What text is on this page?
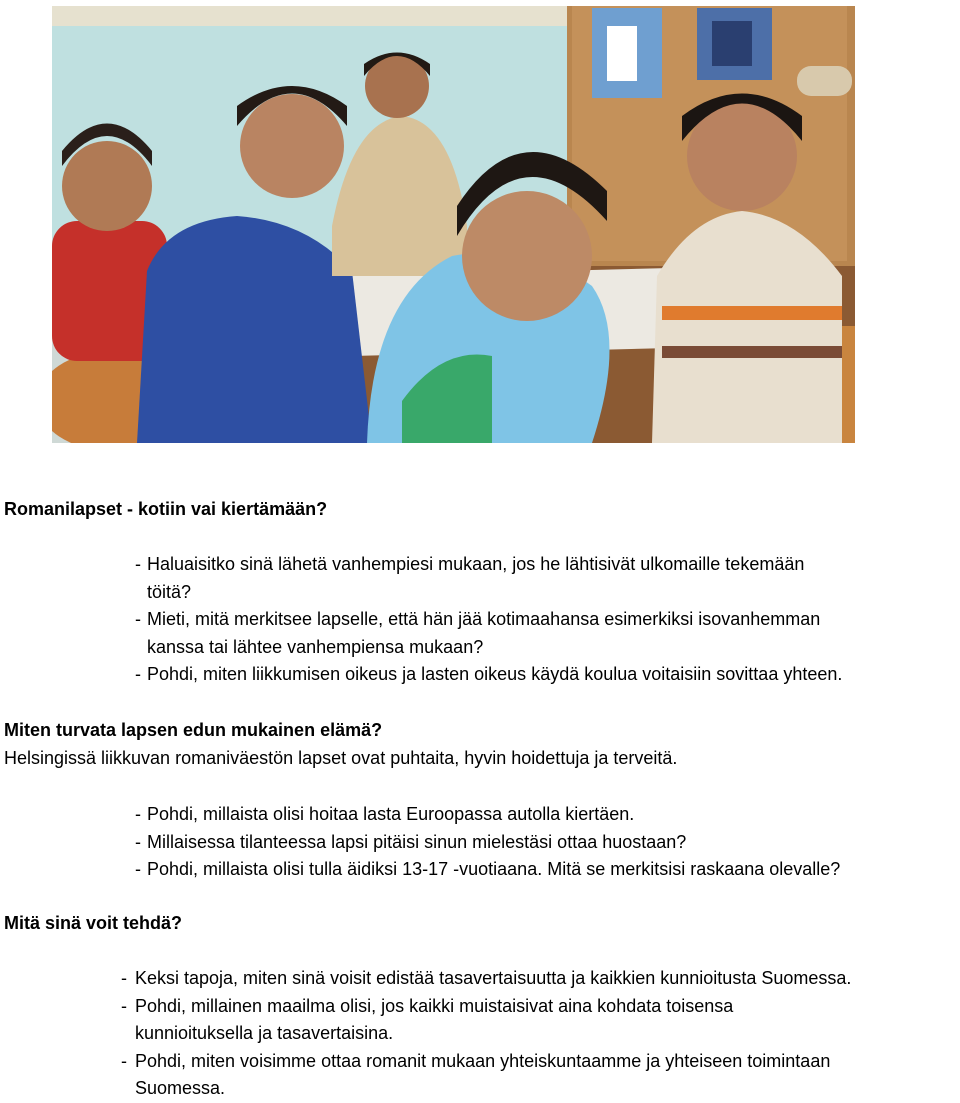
Romanilapset - kotiin vai kiertämään?
- Haluaisitko sinä lähetä vanhempiesi mukaan, jos he lähtisivät ulkomaille tekemään
töitä?
- Mieti, mitä merkitsee lapselle, että hän jää kotimaahansa esimerkiksi isovanhemman
kanssa tai lähtee vanhempiensa mukaan?
- Pohdi, miten liikkumisen oikeus ja lasten oikeus käydä koulua voitaisiin sovittaa yhteen.
Miten turvata lapsen edun mukainen elämä?
Helsingissä liikkuvan romaniväestön lapset ovat puhtaita, hyvin hoidettuja ja terveitä.
- Pohdi, millaista olisi hoitaa lasta Euroopassa autolla kiertäen.
- Millaisessa tilanteessa lapsi pitäisi sinun mielestäsi ottaa huostaan?
- Pohdi, millaista olisi tulla äidiksi 13-17 -vuotiaana. Mitä se merkitsisi raskaana olevalle?
Mitä sinä voit tehdä?
- Keksi tapoja, miten sinä voisit edistää tasavertaisuutta ja kaikkien kunnioitusta Suomessa.
- Pohdi, millainen maailma olisi, jos kaikki muistaisivat aina kohdata toisensa
kunnioituksella ja tasavertaisina.
- Pohdi, miten voisimme ottaa romanit mukaan yhteiskuntaamme ja yhteiseen toimintaan
Suomessa.
